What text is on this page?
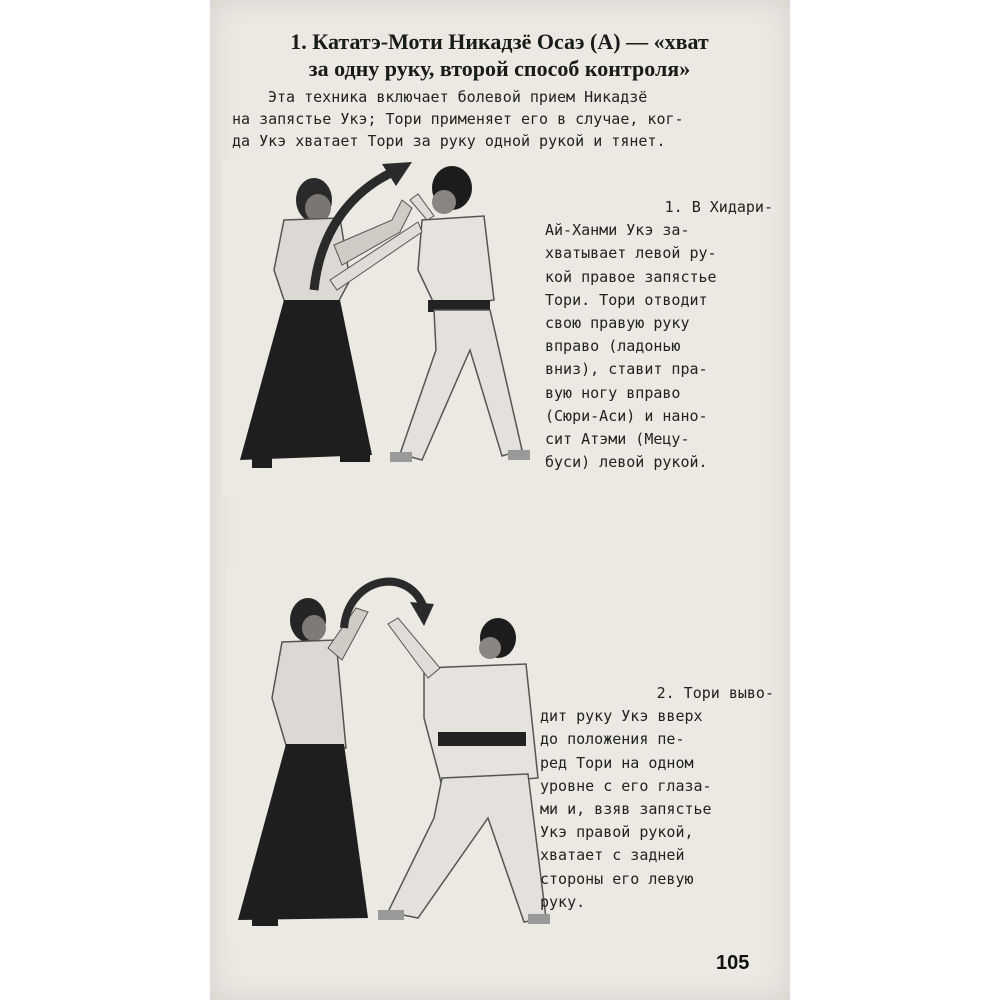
1. Кататэ-Моти Никадзё Осаэ (А) — «хват
за одну руку, второй способ контроля»
Эта техника включает болевой прием Никадзё
на запястье Укэ; Тори применяет его в случае, ког-
да Укэ хватает Тори за руку одной рукой и тянет.
1. В Хидари-
Ай-Ханми Укэ за-
хватывает левой ру-
кой правое запястье
Тори. Тори отводит
свою правую руку
вправо (ладонью
вниз), ставит пра-
вую ногу вправо
(Сюри-Аси) и нано-
сит Атэми (Мецу-
буси) левой рукой.
2. Тори выво-
дит руку Укэ вверх
до положения пе-
ред Тори на одном
уровне с его глаза-
ми и, взяв запястье
Укэ правой рукой,
хватает с задней
стороны его левую
руку.
105
